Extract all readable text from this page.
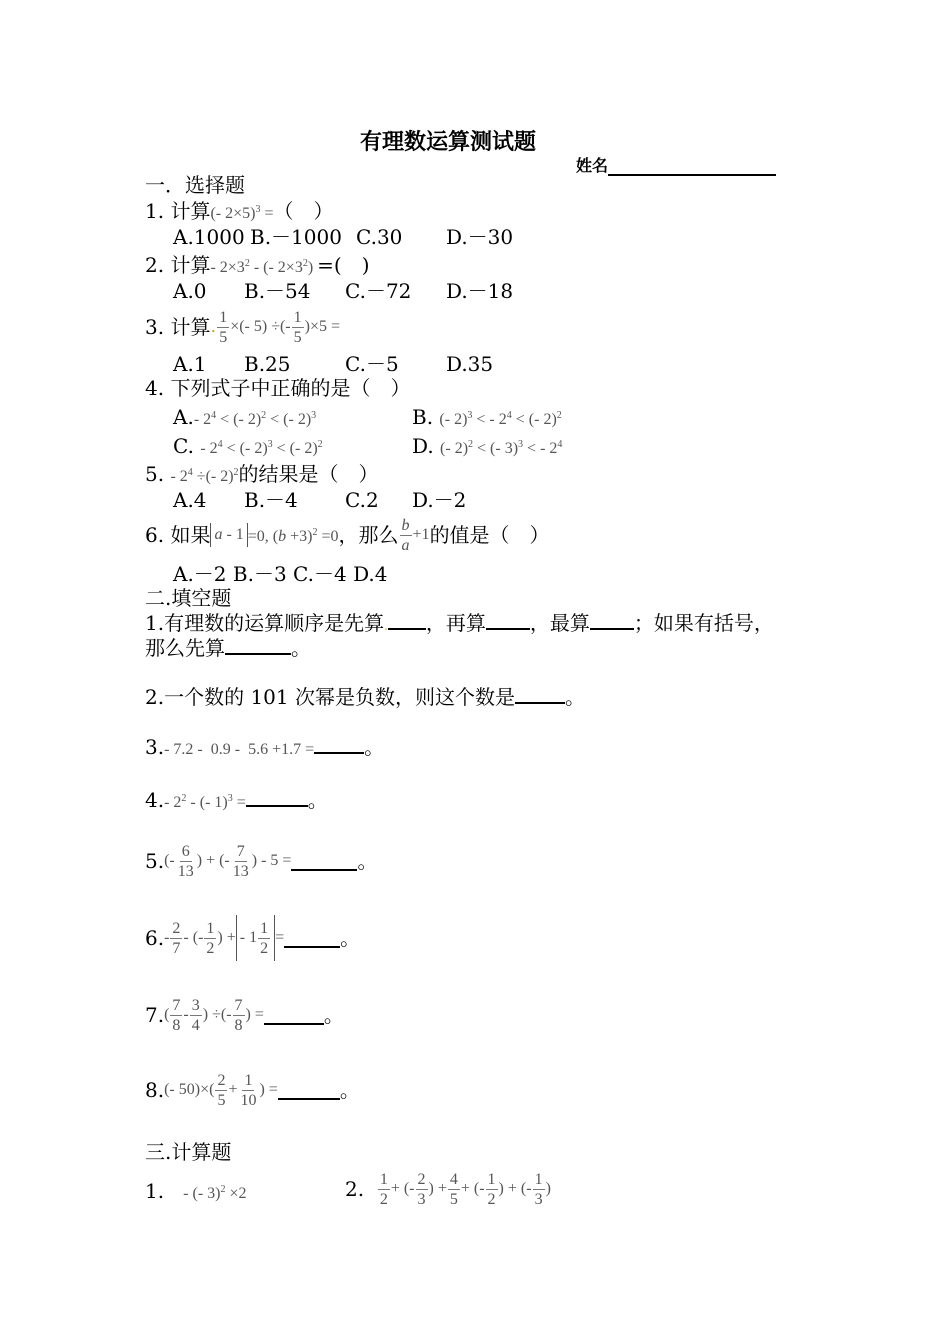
有理数运算测试题
姓名
一．选择题
1. 计算(- 2×5)$^3$ =（　）
A.1000 B.－1000 C.30 D.－30
2. 计算- $2\times 3^2$ - (- $2\times 3^2$) =(　)
A.0 B.－54 C.－72 D.－18
3.
计算 . $\frac{1}{5}$ ×(- 5) ÷(- $\frac{1}{5} )\times 5$ =
A.1 B.25	C.－5 D.35
4. 下列式子中正确的是（　）
A.- $2^4$ < (- 2)$^2$ < (- 2)$^3$	B. (- 2)$^3$ < - $2^4$ < (- 2)$^2$
C. - $2^4$ < (- 2)$^3$ < (- 2)$^2$	D. (- 2)$^2$ < (- 3)$^3$ < - $2^4$
5. - $2^4$ ÷(- 2)$^2$的结果是（　）
A.4 B.－4 C.2 D.－2
6.
如果 a - 1 =0, $(b +3)^2 =0$ ，那么 $\frac{b}{a} +1$ 的值是（　）
A.－2 B.－3 C.－4 D.4
二.填空题
1.有理数的运算顺序是先算. ，再算 ，最算 ；如果有括号，
那么先算	。
2.一个数的 101 次幂是负数，则这个数是	。
3.- 7.2 -  0.9 -  5.6 +1.7 =	。
4.- $2^2$ - (- 1)$^3$ =	。
5. (- $\frac{6}{13}$ ) + (- $\frac{7}{13}$ ) - 5 =	。
6. - $\frac{2}{7}$ - (- $\frac{1}{2}$ ) + - $1 \frac{1}{2}$ =	。
7. ( $\frac{7}{8} - \frac{3}{4}$ ) ÷(- $\frac{7}{8}$ ) =	。
8. (- $50)\times( \frac{2}{5} + \frac{1}{10}$ ) =	。
三.计算题
1. - (- 3)$^2$ ×2	2.
$\frac{1}{2}$ + (- $\frac{2}{3}$ ) + $\frac{4}{5}$ + (- $\frac{1}{2}$ ) + (- $\frac{1}{3}$ )
